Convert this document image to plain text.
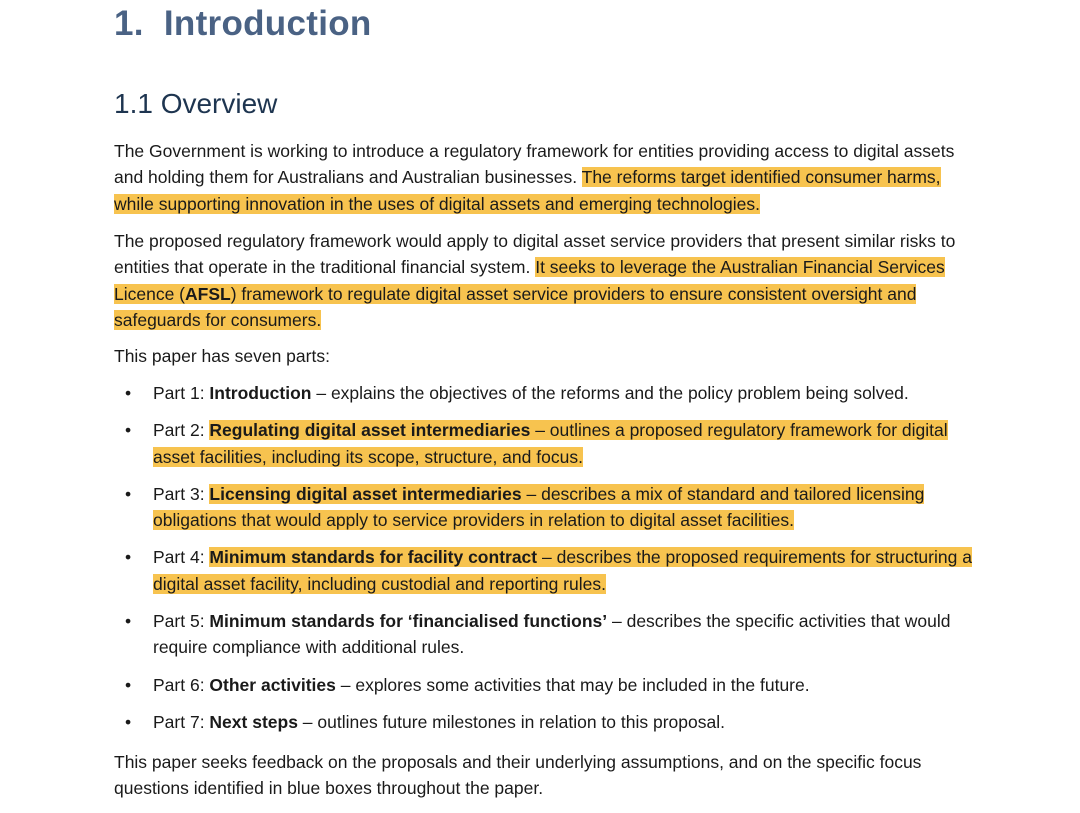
1. Introduction
1.1 Overview

The Government is working to introduce a regulatory framework for entities providing access to digital assets and holding them for Australians and Australian businesses. The reforms target identified consumer harms, while supporting innovation in the uses of digital assets and emerging technologies.

The proposed regulatory framework would apply to digital asset service providers that present similar risks to entities that operate in the traditional financial system. It seeks to leverage the Australian Financial Services Licence (AFSL) framework to regulate digital asset service providers to ensure consistent oversight and safeguards for consumers.

This paper has seven parts:

• Part 1: Introduction – explains the objectives of the reforms and the policy problem being solved.
• Part 2: Regulating digital asset intermediaries – outlines a proposed regulatory framework for digital asset facilities, including its scope, structure, and focus.
• Part 3: Licensing digital asset intermediaries – describes a mix of standard and tailored licensing obligations that would apply to service providers in relation to digital asset facilities.
• Part 4: Minimum standards for facility contract – describes the proposed requirements for structuring a digital asset facility, including custodial and reporting rules.
• Part 5: Minimum standards for ‘financialised functions’ – describes the specific activities that would require compliance with additional rules.
• Part 6: Other activities – explores some activities that may be included in the future.
• Part 7: Next steps – outlines future milestones in relation to this proposal.

This paper seeks feedback on the proposals and their underlying assumptions, and on the specific focus questions identified in blue boxes throughout the paper.
